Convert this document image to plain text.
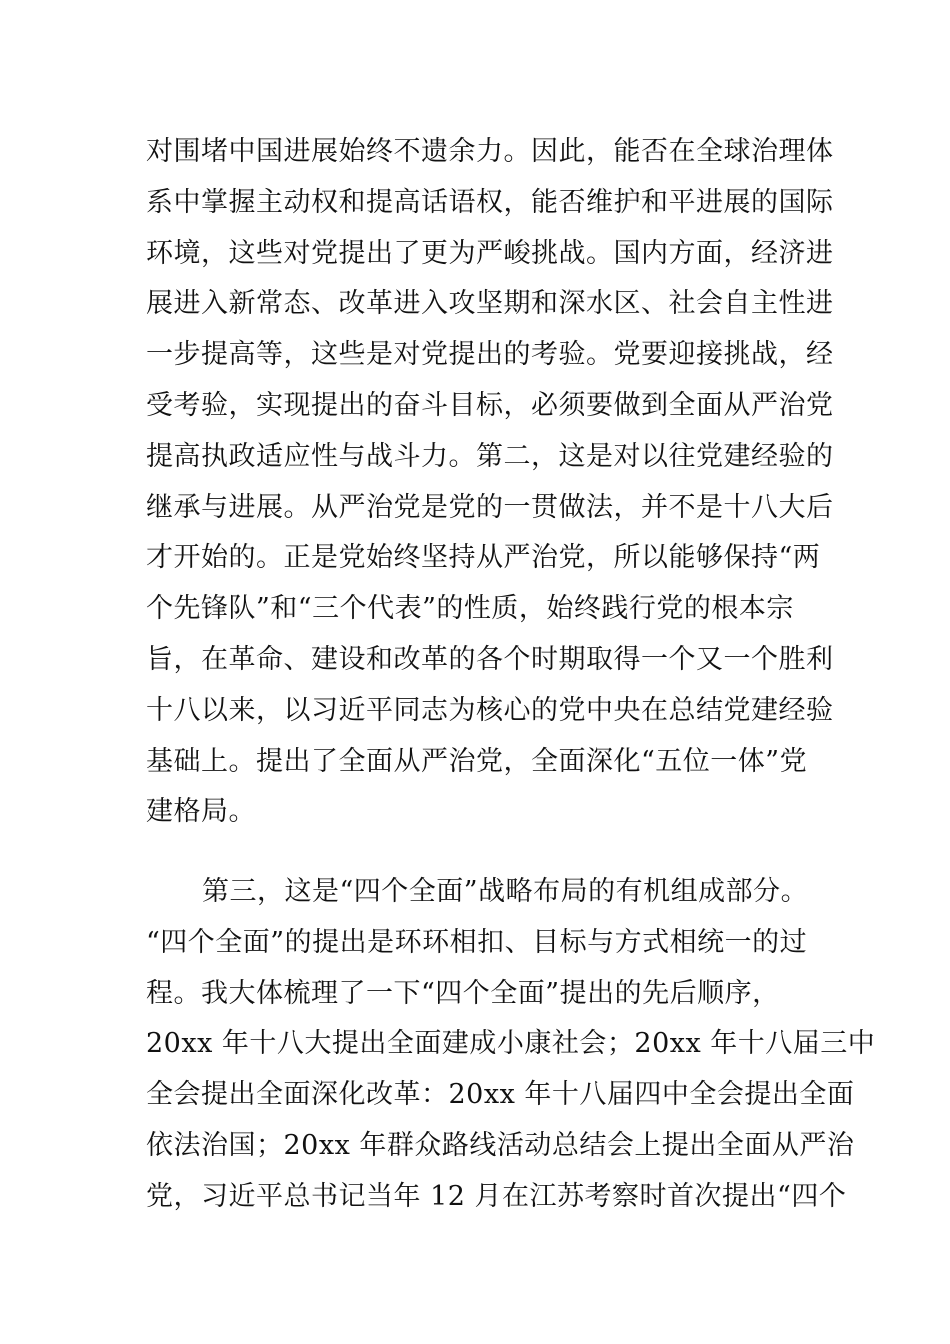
对围堵中国进展始终不遗余力。因此，能否在全球治理体
系中掌握主动权和提高话语权，能否维护和平进展的国际
环境，这些对党提出了更为严峻挑战。国内方面，经济进
展进入新常态、改革进入攻坚期和深水区、社会自主性进
一步提高等，这些是对党提出的考验。党要迎接挑战，经
受考验，实现提出的奋斗目标，必须要做到全面从严治党
提高执政适应性与战斗力。第二，这是对以往党建经验的
继承与进展。从严治党是党的一贯做法，并不是十八大后
才开始的。正是党始终坚持从严治党，所以能够保持“两
个先锋队”和“三个代表”的性质，始终践行党的根本宗
旨，在革命、建设和改革的各个时期取得一个又一个胜利
十八以来，以习近平同志为核心的党中央在总结党建经验
基础上。提出了全面从严治党，全面深化“五位一体”党
建格局。
第三，这是“四个全面”战略布局的有机组成部分。
“四个全面”的提出是环环相扣、目标与方式相统一的过
程。我大体梳理了一下“四个全面”提出的先后顺序，
20xx 年十八大提出全面建成小康社会；20xx 年十八届三中
全会提出全面深化改革：20xx 年十八届四中全会提出全面
依法治国；20xx 年群众路线活动总结会上提出全面从严治
党，习近平总书记当年 12 月在江苏考察时首次提出“四个
